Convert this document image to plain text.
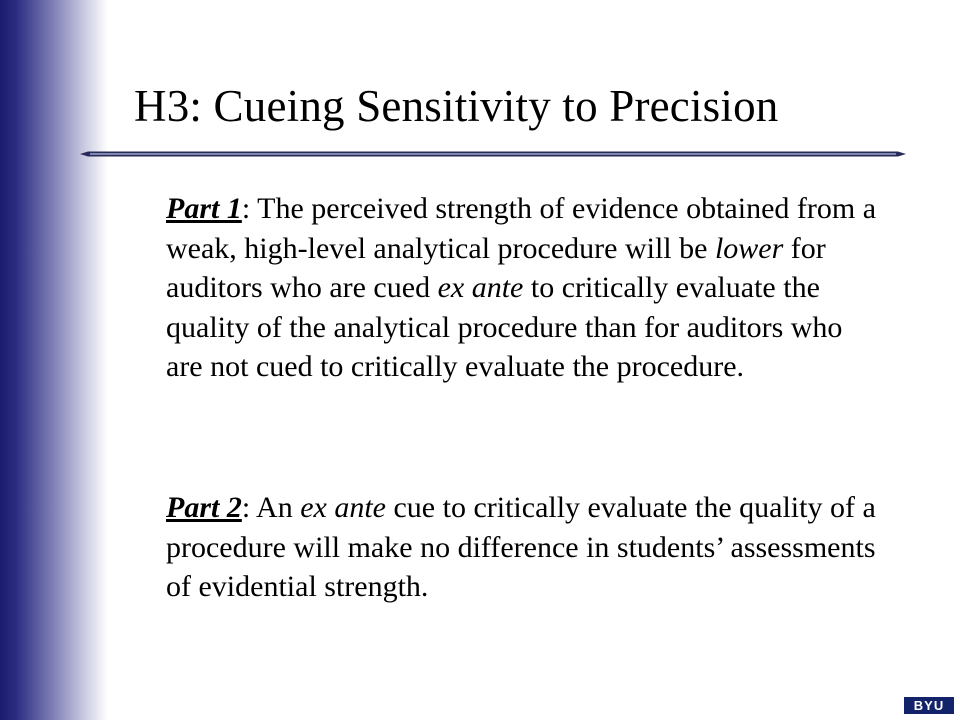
H3: Cueing Sensitivity to Precision
Part 1: The perceived strength of evidence obtained from a weak, high-level analytical procedure will be lower for auditors who are cued ex ante to critically evaluate the quality of the analytical procedure than for auditors who are not cued to critically evaluate the procedure.
Part 2: An ex ante cue to critically evaluate the quality of a procedure will make no difference in students’ assessments of evidential strength.
BYU
